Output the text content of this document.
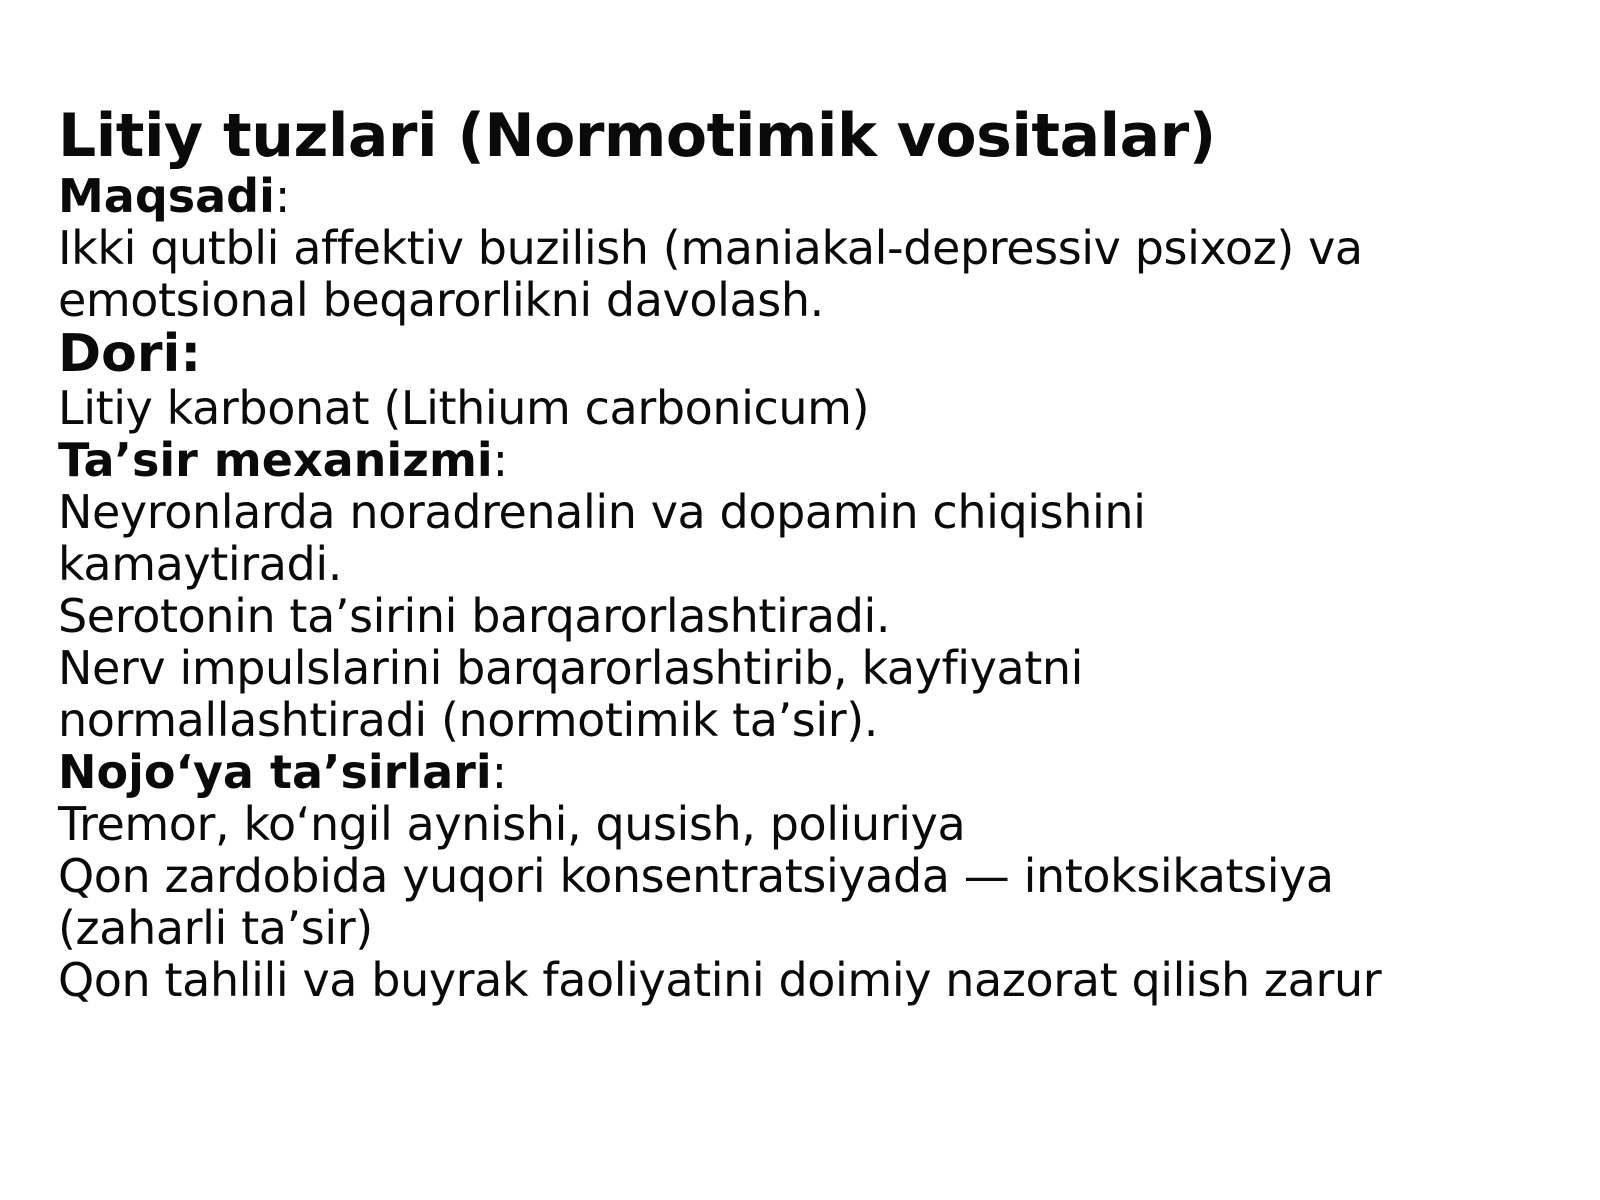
Litiy tuzlari (Normotimik vositalar)
Maqsadi:
Ikki qutbli affektiv buzilish (maniakal-depressiv psixoz) va
emotsional beqarorlikni davolash.
Dori:
Litiy karbonat (Lithium carbonicum)
Ta’sir mexanizmi:
Neyronlarda noradrenalin va dopamin chiqishini
kamaytiradi.
Serotonin ta’sirini barqarorlashtiradi.
Nerv impulslarini barqarorlashtirib, kayfiyatni
normallashtiradi (normotimik ta’sir).
Nojo‘ya ta’sirlari:
Tremor, ko‘ngil aynishi, qusish, poliuriya
Qon zardobida yuqori konsentratsiyada — intoksikatsiya
(zaharli ta’sir)
Qon tahlili va buyrak faoliyatini doimiy nazorat qilish zarur
